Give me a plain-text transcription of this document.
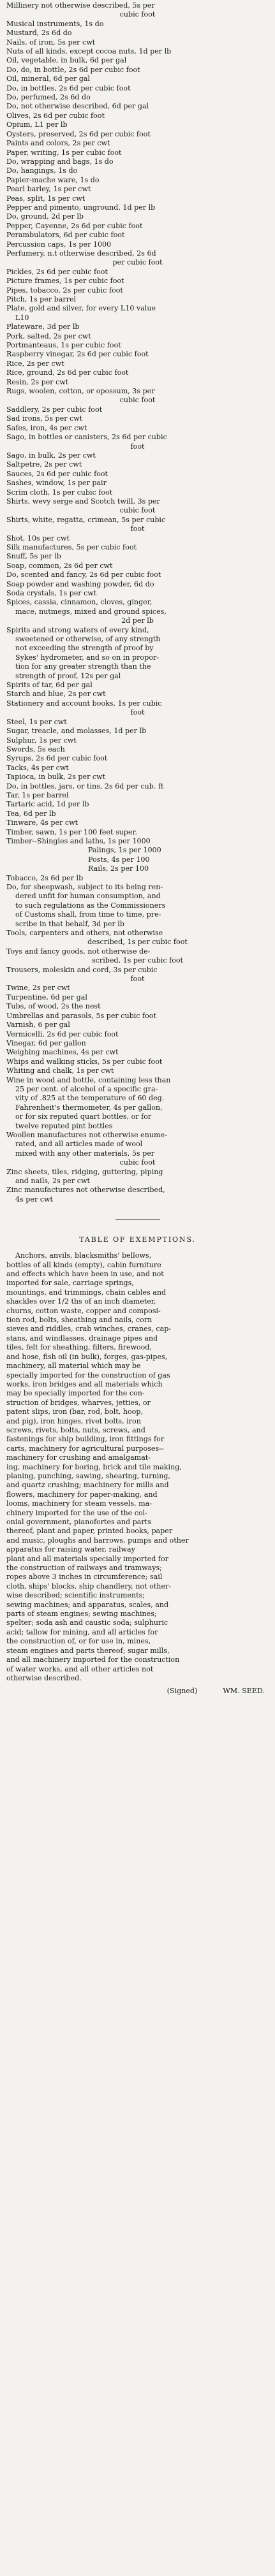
Millinery not otherwise described, 5s per
cubic foot
Musical instruments, 1s do
Mustard, 2s 6d do
Nails, of iron, 5s per cwt
Nuts of all kinds, except cocoa nuts, 1d per lb
Oil, vegetable, in bulk, 6d per gal
Do, do, in bottle, 2s 6d per cubic foot
Oil, mineral, 6d per gal
Do, in bottles, 2s 6d per cubic foot
Do, perfumed, 2s 6d do
Do, not otherwise described, 6d per gal
Olives, 2s 6d per cubic foot
Opium, L1 per lb
Oysters, preserved, 2s 6d per cubic foot
Paints and colors, 2s per cwt
Paper, writing, 1s per cubic foot
Do, wrapping and bags, 1s do
Do, hangings, 1s do
Papier-mache ware, 1s do
Pearl barley, 1s per cwt
Peas, split, 1s per cwt
Pepper and pimento, unground, 1d per lb
Do, ground, 2d per lb
Pepper, Cayenne, 2s 6d per cubic foot
Perambulators, 6d per cubic foot
Percussion caps, 1s per 1000
Perfumery, n.t otherwise described, 2s 6d
per cubic foot
Pickles, 2s 6d per cubic foot
Picture frames, 1s per cubic foot
Pipes, tobacco, 2s per cubic foot
Pitch, 1s per barrel
Plate, gold and silver, for every L10 value
L10
Plateware, 3d per lb
Pork, salted, 2s per cwt
Portmanteaus, 1s per cubic foot
Raspberry vinegar, 2s 6d per cubic foot
Rice, 2s per cwt
Rice, ground, 2s 6d per cubic foot
Resin, 2s per cwt
Rugs, woolen, cotton, or opossum, 3s per
cubic foot
Saddlery, 2s per cubic foot
Sad irons, 5s per cwt
Safes, iron, 4s per cwt
Sago, in bottles or canisters, 2s 6d per cubic
foot
Sago, in bulk, 2s per cwt
Saltpetre, 2s per cwt
Sauces, 2s 6d per cubic foot
Sashes, window, 1s per pair
Scrim cloth, 1s per cubic foot
Shirts, wevy serge and Scotch twill, 3s per
cubic foot
Shirts, white, regatta, crimean, 5s per cubic
foot
Shot, 10s per cwt
Silk manufactures, 5s per cubic foot
Snuff, 5s per lb
Soap, common, 2s 6d per cwt
Do, scented and fancy, 2s 6d per cubic foot
Soap powder and washing powder, 6d do
Soda crystals, 1s per cwt
Spices, cassia, cinnamon, cloves, ginger,
mace, nutmegs, mixed and ground spices,
2d per lb
Spirits and strong waters of every kind,
sweetened or otherwise, of any strength
not exceeding the strength of proof by
Sykes' hydrometer, and so on in propor-
tion for any greater strength than the
strength of proof, 12s per gal
Spirits of tar, 6d per gal
Starch and blue, 2s per cwt
Stationery and account books, 1s per cubic
foot
Steel, 1s per cwt
Sugar, treacle, and molasses, 1d per lb
Sulphur, 1s per cwt
Swords, 5s each
Syrups, 2s 6d per cubic foot
Tacks, 4s per cwt
Tapioca, in bulk, 2s per cwt
Do, in bottles, jars, or tins, 2s 6d per cub. ft
Tar, 1s per barrel
Tartaric acid, 1d per lb
Tea, 6d per lb
Tinware, 4s per cwt
Timber, sawn, 1s per 100 feet super.
Timber--Shingles and laths, 1s per 1000
Palings, 1s per 1000
Posts, 4s per 100
Rails, 2s per 100
Tobacco, 2s 6d per lb
Do, for sheepwash, subject to its being ren-
dered unfit for human consumption, and
to such regulations as the Commissioners
of Customs shall, from time to time, pre-
scribe in that behalf, 3d per lb
Tools, carpenters and others, not otherwise
described, 1s per cubic foot
Toys and fancy goods, not otherwise de-
scribed, 1s per cubic foot
Trousers, moleskin and cord, 3s per cubic
foot
Twine, 2s per cwt
Turpentine, 6d per gal
Tubs, of wood, 2s the nest
Umbrellas and parasols, 5s per cubic foot
Varnish, 6 per gal
Vermicelli, 2s 6d per cubic foot
Vinegar, 6d per gallon
Weighing machines, 4s per cwt
Whips and walking sticks, 5s per cubic foot
Whiting and chalk, 1s per cwt
Wine in wood and bottle, containing less than
25 per cent. of alcohol of a specific gra-
vity of .825 at the temperature of 60 deg.
Fahrenheit's thermometer, 4s per gallon,
or for six reputed quart bottles, or for
twelve reputed pint bottles
Woollen manufactures not otherwise enume-
rated, and all articles made of wool
mixed with any other materials, 5s per
cubic foot
Zinc sheets, tiles, ridging, guttering, piping
and nails, 2s per cwt
Zinc manufactures not otherwise described,
4s per cwt
TABLE OF EXEMPTIONS.
Anchors, anvils, blacksmiths' bellows,
bottles of all kinds (empty), cabin furniture
and effects which have been in use, and not
imported for sale, carriage springs,
mountings, and trimmings, chain cables and
shackles over 1/2 ths of an inch diameter,
churns, cotton waste, copper and composi-
tion rod, bolts, sheathing and nails, corn
sieves and riddles, crab winches, cranes, cap-
stans, and windlasses, drainage pipes and
tiles, felt for sheathing, filters, firewood,
and hose, fish oil (in bulk), forges, gas-pipes,
machinery, all material which may be
specially imported for the construction of gas
works, iron bridges and all materials which
may be specially imported for the con-
struction of bridges, wharves, jetties, or
patent slips, iron (bar, rod, bolt, hoop,
and pig), iron hinges, rivet bolts, iron
screws, rivets, bolts, nuts, screws, and
fastenings for ship building, iron fittings for
carts, machinery for agricultural purposes--
machinery for crushing and amalgamat-
ing, machinery for boring, brick and tile making,
planing, punching, sawing, shearing, turning,
and quartz crushing; machinery for mills and
flowers, machinery for paper-making, and
looms, machinery for steam vessels, ma-
chinery imported for the use of the col-
onial government, pianofortes and parts
thereof, plant and paper, printed books, paper
and music, ploughs and harrows, pumps and other
apparatus for raising water, railway
plant and all materials specially imported for
the construction of railways and tramways;
ropes above 3 inches in circumference; sail
cloth, ships' blocks, ship chandlery, not other-
wise described; scientific instruments;
sewing machines; and apparatus, scales, and
parts of steam engines; sewing machines;
spelter; soda ash and caustic soda; sulphuric
acid; tallow for mining, and all articles for
the construction of, or for use in, mines,
steam engines and parts thereof; sugar mills,
and all machinery imported for the construction
of water works, and all other articles not
otherwise described.
(Signed)	WM. SEED.
